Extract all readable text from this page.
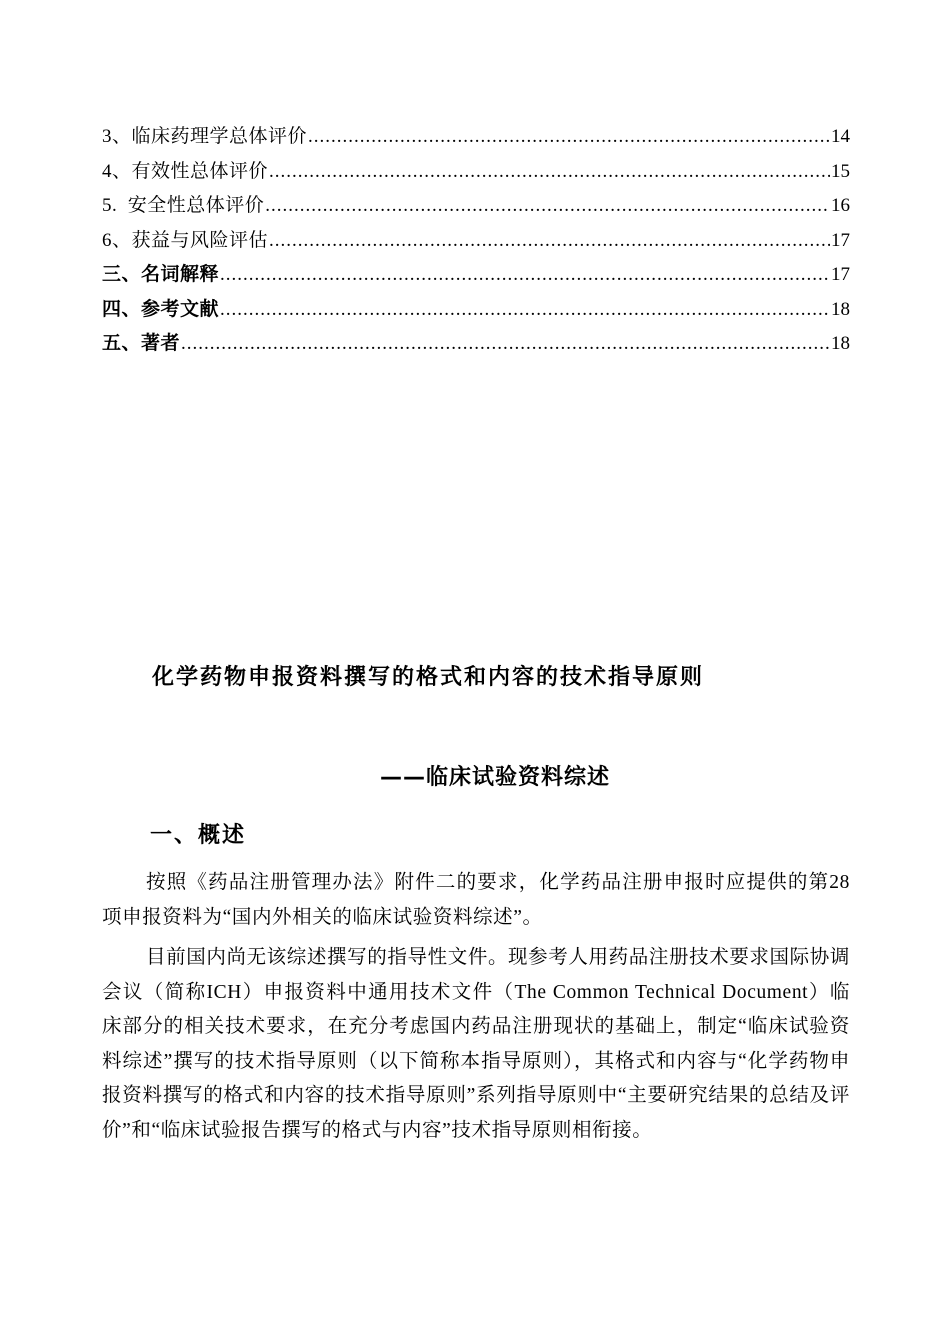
3、临床药理学总体评价 .....	14
4、有效性总体评价 .....	15
5.  安全性总体评价 .....	16
6、获益与风险评估 .....	17
三、名词解释 .....	17
四、参考文献 .....	18
五、著者 .....	18
化学药物申报资料撰写的格式和内容的技术指导原则
——临床试验资料综述
一、概述

按照《药品注册管理办法》附件二的要求，化学药品注册申报时应提供的第28项申报资料为“国内外相关的临床试验资料综述”。

目前国内尚无该综述撰写的指导性文件。现参考人用药品注册技术要求国际协调会议（简称ICH）申报资料中通用技术文件（The Common Technical Document）临床部分的相关技术要求，在充分考虑国内药品注册现状的基础上，制定“临床试验资料综述”撰写的技术指导原则（以下简称本指导原则），其格式和内容与“化学药物申报资料撰写的格式和内容的技术指导原则”系列指导原则中“主要研究结果的总结及评价”和“临床试验报告撰写的格式与内容”技术指导原则相衔接。
